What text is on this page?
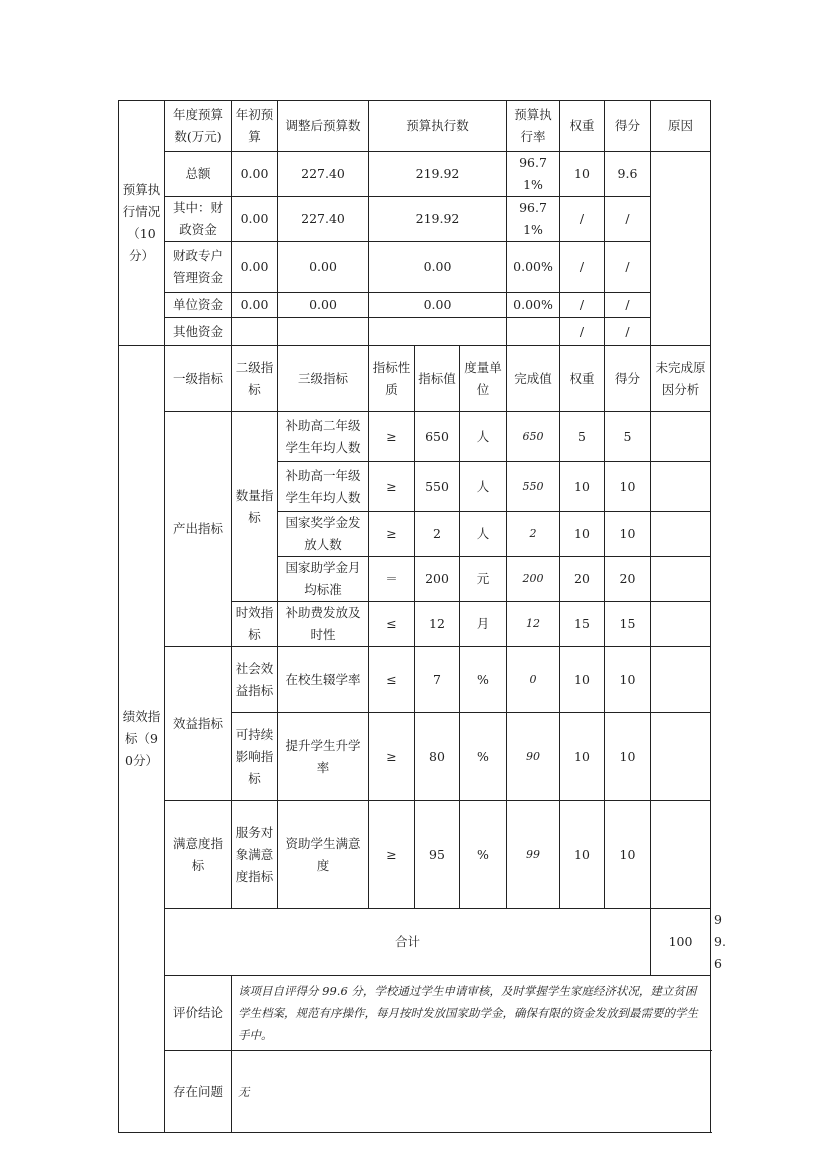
预算执行情况（10分）	年度预算数(万元)	年初预算	调整后预算数	预算执行数			预算执行率	权重	得分	原因	
	总额	0.00	227.40	219.92			96.71%	10	9.6		
	其中：财政资金	0.00	227.40	219.92			96.71%	/	/		
	财政专户管理资金	0.00	0.00	0.00			0.00%	/	/		
	单位资金	0.00	0.00	0.00			0.00%	/	/		
	其他资金							/	/		
绩效指标（90分）	一级指标	二级指标	三级指标	指标性质	指标值	度量单位	完成值	权重	得分	未完成原因分析	
	产出指标	数量指标	补助高二年级学生年均人数	≥	650	人	650	5	5		
			补助高一年级学生年均人数	≥	550	人	550	10	10		
			国家奖学金发放人数	≥	2	人	2	10	10		
			国家助学金月均标准	＝	200	元	200	20	20		
		时效指标	补助费发放及时性	≤	12	月	12	15	15		
	效益指标	社会效益指标	在校生辍学率	≤	7	%	0	10	10		
		可持续影响指标	提升学生升学率	≥	80	%	90	10	10		
	满意度指标	服务对象满意度指标	资助学生满意度	≥	95	%	99	10	10		
	合计									100	99.6	
	评价结论	该项目自评得分 99.6 分，学校通过学生申请审核，及时掌握学生家庭经济状况，建立贫困学生档案，规范有序操作，每月按时发放国家助学金，确保有限的资金发放到最需要的学生手中。									
	存在问题	无									
